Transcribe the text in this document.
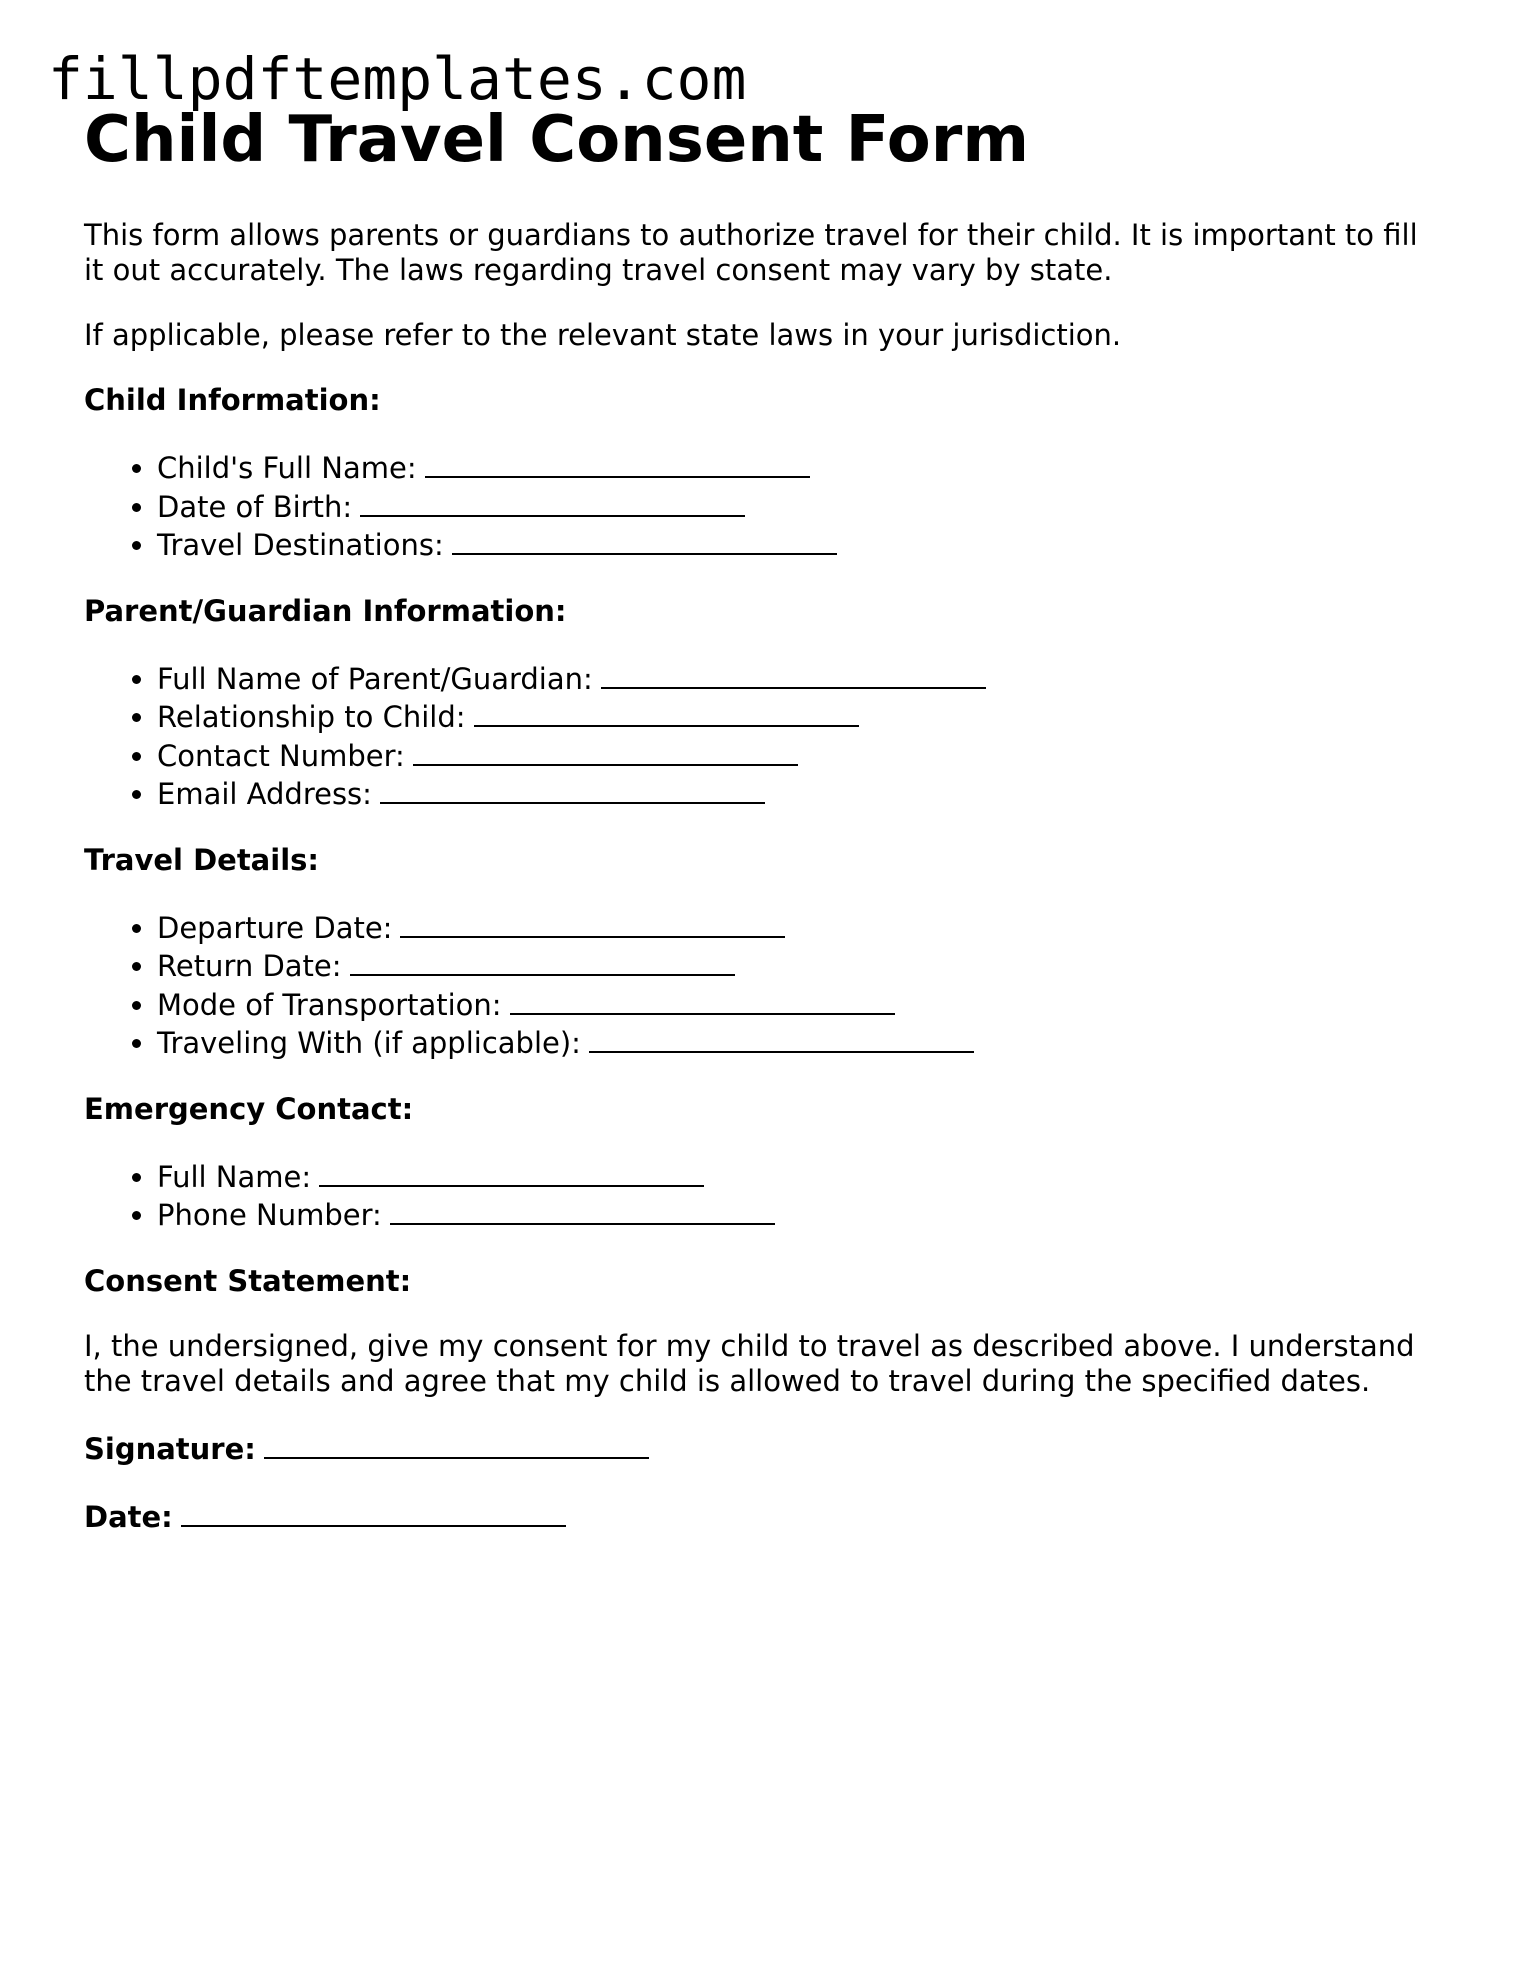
fillpdftemplates.com
Child Travel Consent Form

This form allows parents or guardians to authorize travel for their child. It is important to fill it out accurately. The laws regarding travel consent may vary by state.

If applicable, please refer to the relevant state laws in your jurisdiction.

Child Information:
• Child's Full Name:
• Date of Birth:
• Travel Destinations:
Parent/Guardian Information:
• Full Name of Parent/Guardian:
• Relationship to Child:
• Contact Number:
• Email Address:
Travel Details:
• Departure Date:
• Return Date:
• Mode of Transportation:
• Traveling With (if applicable):
Emergency Contact:
• Full Name:
• Phone Number:
Consent Statement:

I, the undersigned, give my consent for my child to travel as described above. I understand the travel details and agree that my child is allowed to travel during the specified dates.

Signature:
Date:
